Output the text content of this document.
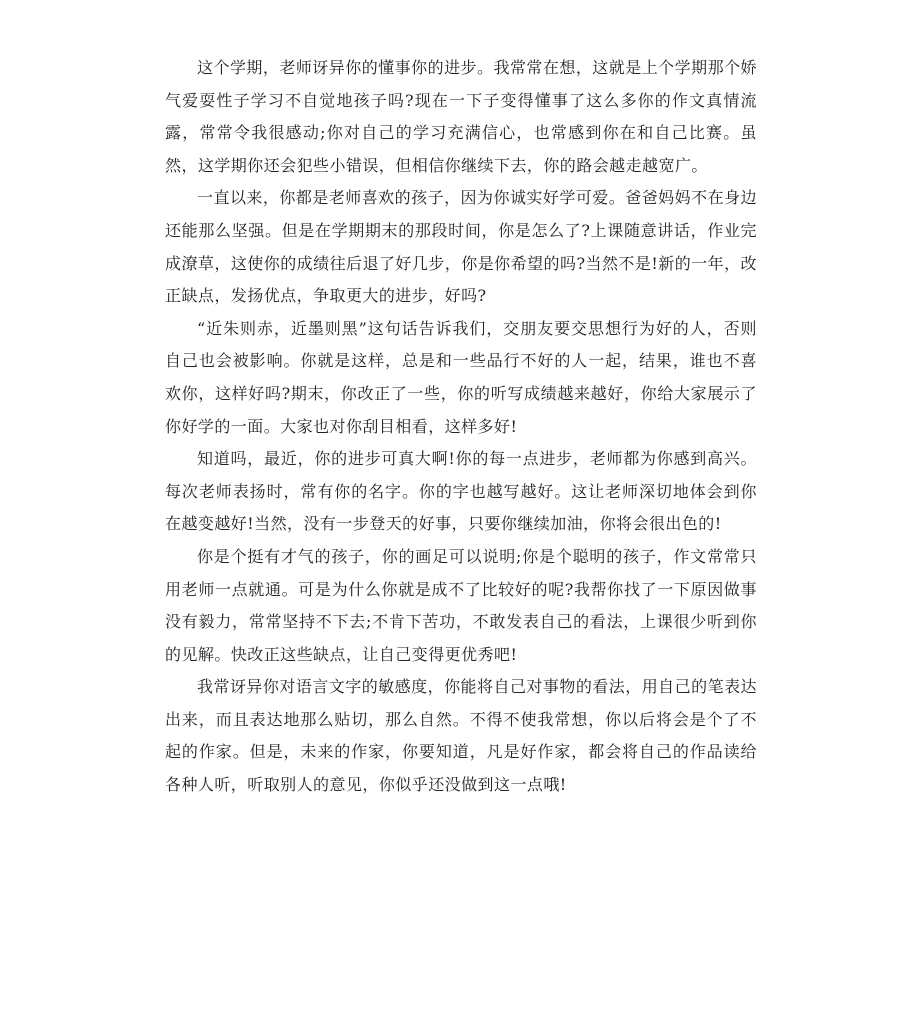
这个学期，老师讶异你的懂事你的进步。我常常在想，这就是上个学期那个娇气爱耍性子学习不自觉地孩子吗?现在一下子变得懂事了这么多你的作文真情流露，常常令我很感动;你对自己的学习充满信心，也常感到你在和自己比赛。虽然，这学期你还会犯些小错误，但相信你继续下去，你的路会越走越宽广。

一直以来，你都是老师喜欢的孩子，因为你诚实好学可爱。爸爸妈妈不在身边还能那么坚强。但是在学期期末的那段时间，你是怎么了?上课随意讲话，作业完成潦草，这使你的成绩往后退了好几步，你是你希望的吗?当然不是!新的一年，改正缺点，发扬优点，争取更大的进步，好吗?

“近朱则赤，近墨则黑”这句话告诉我们，交朋友要交思想行为好的人，否则自己也会被影响。你就是这样，总是和一些品行不好的人一起，结果，谁也不喜欢你，这样好吗?期末，你改正了一些，你的听写成绩越来越好，你给大家展示了你好学的一面。大家也对你刮目相看，这样多好!

知道吗，最近，你的进步可真大啊!你的每一点进步，老师都为你感到高兴。每次老师表扬时，常有你的名字。你的字也越写越好。这让老师深切地体会到你在越变越好!当然，没有一步登天的好事，只要你继续加油，你将会很出色的!

你是个挺有才气的孩子，你的画足可以说明;你是个聪明的孩子，作文常常只用老师一点就通。可是为什么你就是成不了比较好的呢?我帮你找了一下原因做事没有毅力，常常坚持不下去;不肯下苦功，不敢发表自己的看法，上课很少听到你的见解。快改正这些缺点，让自己变得更优秀吧!

我常讶异你对语言文字的敏感度，你能将自己对事物的看法，用自己的笔表达出来，而且表达地那么贴切，那么自然。不得不使我常想，你以后将会是个了不起的作家。但是，未来的作家，你要知道，凡是好作家，都会将自己的作品读给各种人听，听取别人的意见，你似乎还没做到这一点哦!
